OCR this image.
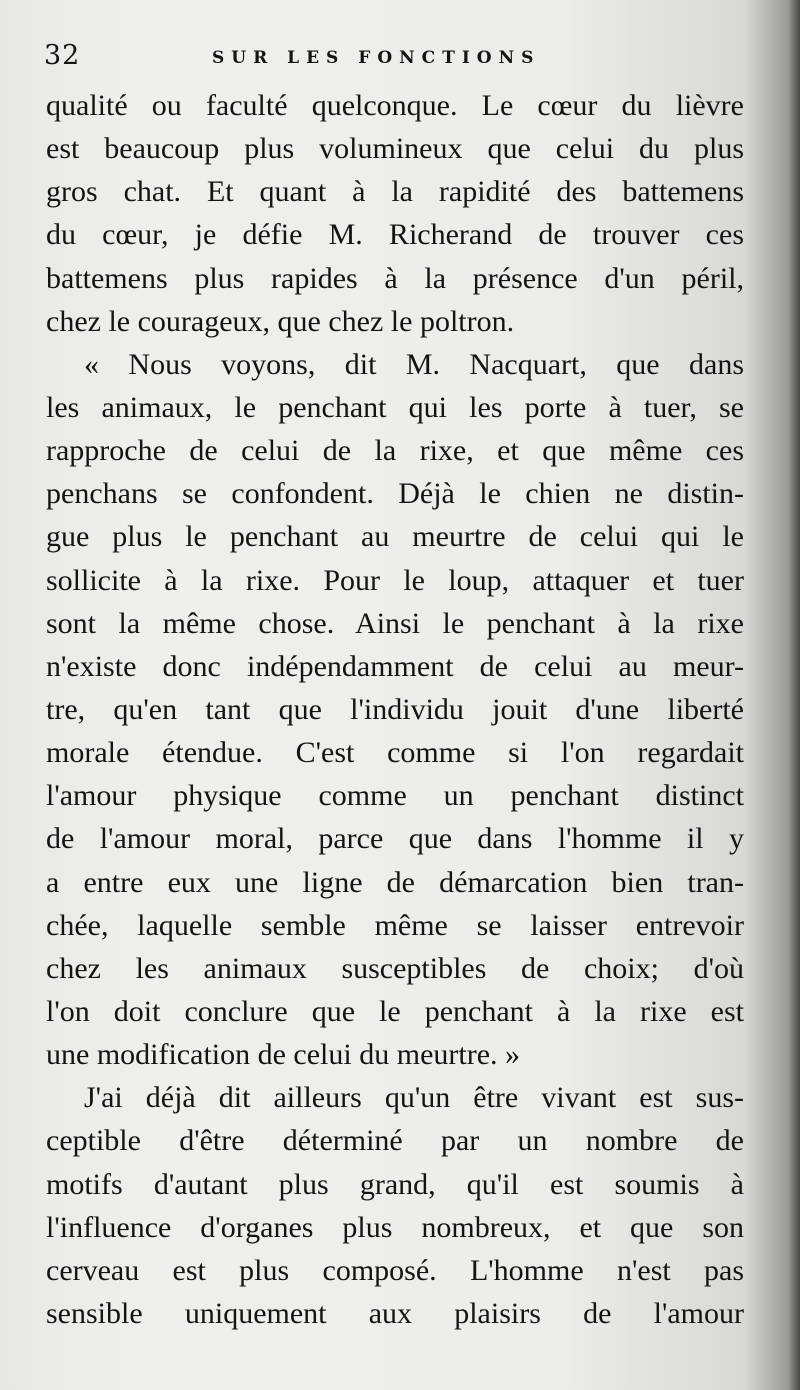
32	SUR LES FONCTIONS
qualité ou faculté quelconque. Le cœur du lièvre
est beaucoup plus volumineux que celui du plus
gros chat. Et quant à la rapidité des battemens
du cœur, je défie M. Richerand de trouver ces
battemens plus rapides à la présence d'un péril,
chez le courageux, que chez le poltron.
« Nous voyons, dit M. Nacquart, que dans
les animaux, le penchant qui les porte à tuer, se
rapproche de celui de la rixe, et que même ces
penchans se confondent. Déjà le chien ne distin-
gue plus le penchant au meurtre de celui qui le
sollicite à la rixe. Pour le loup, attaquer et tuer
sont la même chose. Ainsi le penchant à la rixe
n'existe donc indépendamment de celui au meur-
tre, qu'en tant que l'individu jouit d'une liberté
morale étendue. C'est comme si l'on regardait
l'amour physique comme un penchant distinct
de l'amour moral, parce que dans l'homme il y
a entre eux une ligne de démarcation bien tran-
chée, laquelle semble même se laisser entrevoir
chez les animaux susceptibles de choix; d'où
l'on doit conclure que le penchant à la rixe est
une modification de celui du meurtre. »
J'ai déjà dit ailleurs qu'un être vivant est sus-
ceptible d'être déterminé par un nombre de
motifs d'autant plus grand, qu'il est soumis à
l'influence d'organes plus nombreux, et que son
cerveau est plus composé. L'homme n'est pas
sensible uniquement aux plaisirs de l'amour
